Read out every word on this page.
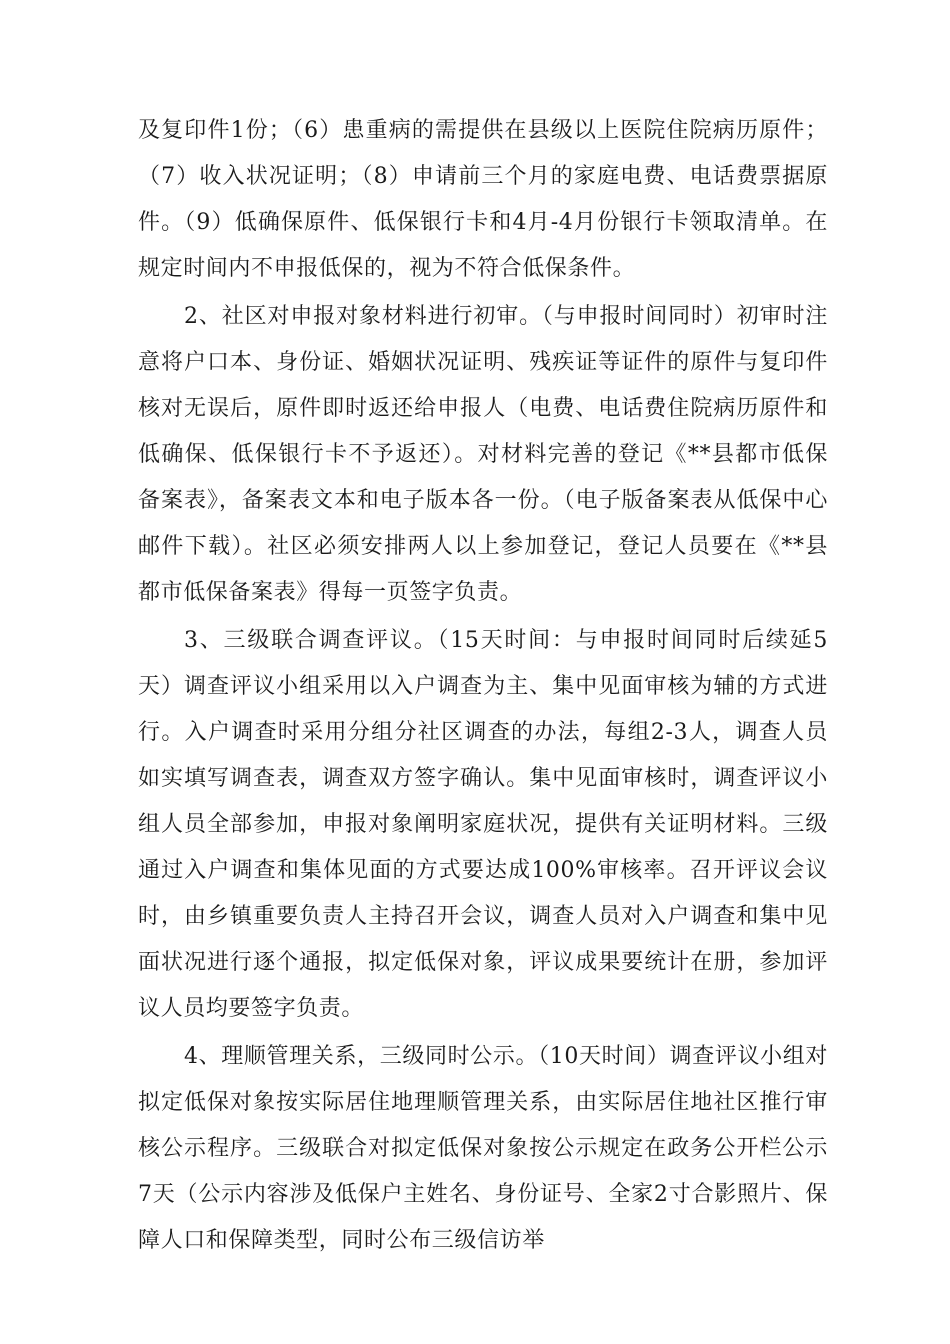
及复印件1份；（6）患重病的需提供在县级以上医院住院病历原件；（7）收入状况证明；（8）申请前三个月的家庭电费、电话费票据原件。（9）低确保原件、低保银行卡和4月-4月份银行卡领取清单。在规定时间内不申报低保的，视为不符合低保条件。

2、社区对申报对象材料进行初审。（与申报时间同时）初审时注意将户口本、身份证、婚姻状况证明、残疾证等证件的原件与复印件核对无误后，原件即时返还给申报人（电费、电话费住院病历原件和低确保、低保银行卡不予返还）。对材料完善的登记《**县都市低保备案表》，备案表文本和电子版本各一份。（电子版备案表从低保中心邮件下载）。社区必须安排两人以上参加登记，登记人员要在《**县都市低保备案表》得每一页签字负责。

3、三级联合调查评议。（15天时间：与申报时间同时后续延5天）调查评议小组采用以入户调查为主、集中见面审核为辅的方式进行。入户调查时采用分组分社区调查的办法，每组2-3人，调查人员如实填写调查表，调查双方签字确认。集中见面审核时，调查评议小组人员全部参加，申报对象阐明家庭状况，提供有关证明材料。三级通过入户调查和集体见面的方式要达成100%审核率。召开评议会议时，由乡镇重要负责人主持召开会议，调查人员对入户调查和集中见面状况进行逐个通报，拟定低保对象，评议成果要统计在册，参加评议人员均要签字负责。

4、理顺管理关系，三级同时公示。（10天时间）调查评议小组对拟定低保对象按实际居住地理顺管理关系，由实际居住地社区推行审核公示程序。三级联合对拟定低保对象按公示规定在政务公开栏公示7天（公示内容涉及低保户主姓名、身份证号、全家2寸合影照片、保障人口和保障类型，同时公布三级信访举
